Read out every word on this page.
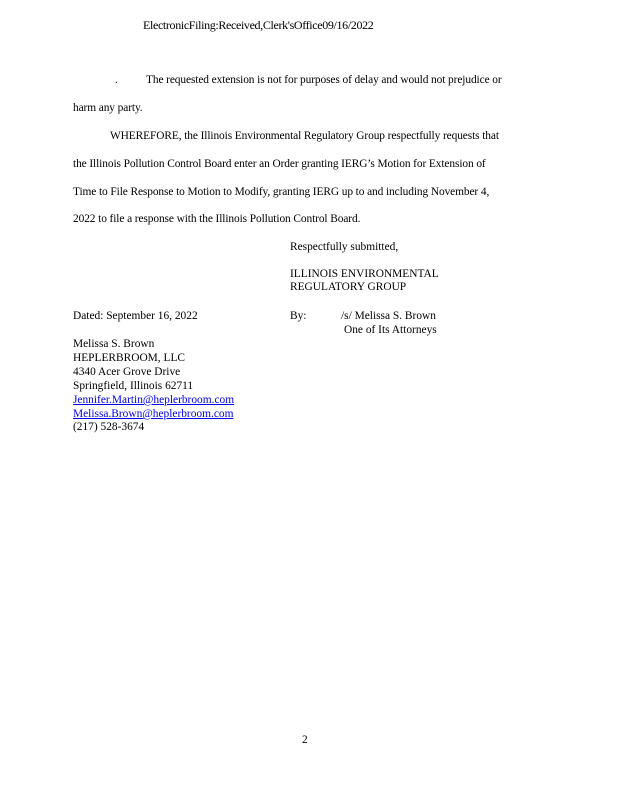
ElectronicFiling:Received,Clerk'sOffice09/16/2022
. The requested extension is not for purposes of delay and would not prejudice or
harm any party.
WHEREFORE, the Illinois Environmental Regulatory Group respectfully requests that
the Illinois Pollution Control Board enter an Order granting IERG’s Motion for Extension of
Time to File Response to Motion to Modify, granting IERG up to and including November 4,
2022 to file a response with the Illinois Pollution Control Board.
Respectfully submitted,
ILLINOIS ENVIRONMENTAL
REGULATORY GROUP
Dated: September 16, 2022	By:	/s/ Melissa S. Brown
One of Its Attorneys
Melissa S. Brown
HEPLERBROOM, LLC
4340 Acer Grove Drive
Springfield, Illinois 62711
Jennifer.Martin@heplerbroom.com
Melissa.Brown@heplerbroom.com
(217) 528-3674
2
